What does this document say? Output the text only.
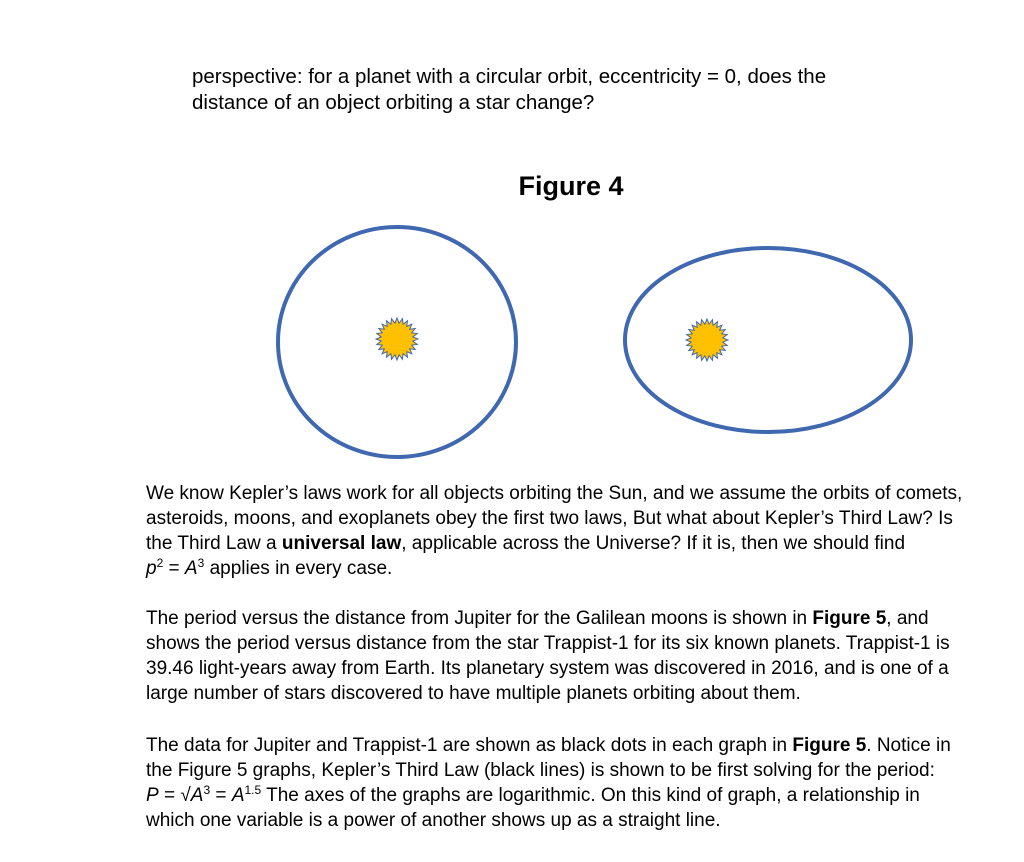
perspective: for a planet with a circular orbit, eccentricity = 0, does the
distance of an object orbiting a star change?

Figure 4

We know Kepler’s laws work for all objects orbiting the Sun, and we assume the orbits of comets,
asteroids, moons, and exoplanets obey the first two laws, But what about Kepler’s Third Law? Is
the Third Law a universal law, applicable across the Universe? If it is, then we should find
$p^2 = A^3$ applies in every case.

The period versus the distance from Jupiter for the Galilean moons is shown in Figure 5, and
shows the period versus distance from the star Trappist-1 for its six known planets. Trappist-1 is
39.46 light-years away from Earth. Its planetary system was discovered in 2016, and is one of a
large number of stars discovered to have multiple planets orbiting about them.

The data for Jupiter and Trappist-1 are shown as black dots in each graph in Figure 5. Notice in
the Figure 5 graphs, Kepler’s Third Law (black lines) is shown to be first solving for the period:
$P = √A^3 = A^{1.5}$ The axes of the graphs are logarithmic. On this kind of graph, a relationship in
which one variable is a power of another shows up as a straight line.
